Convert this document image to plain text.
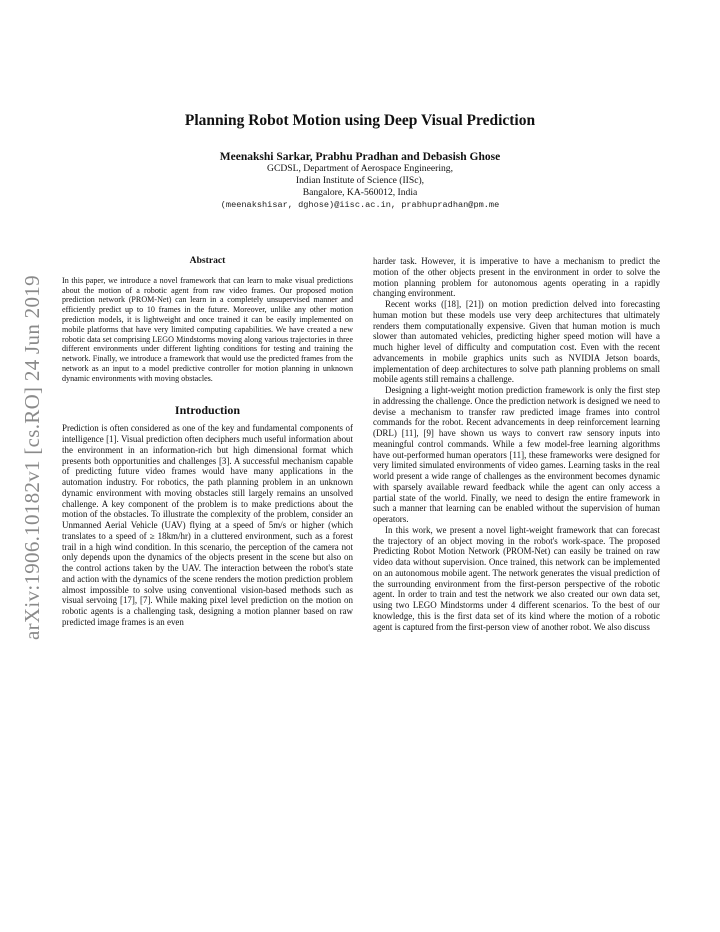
arXiv:1906.10182v1 [cs.RO] 24 Jun 2019
Planning Robot Motion using Deep Visual Prediction
Meenakshi Sarkar, Prabhu Pradhan and Debasish Ghose
GCDSL, Department of Aerospace Engineering,
Indian Institute of Science (IISc),
Bangalore, KA-560012, India
(meenakshisar, dghose)@iisc.ac.in, prabhupradhan@pm.me
Abstract

In this paper, we introduce a novel framework that can learn to make visual predictions about the motion of a robotic agent from raw video frames. Our proposed motion prediction network (PROM-Net) can learn in a completely unsupervised manner and efficiently predict up to 10 frames in the future. Moreover, unlike any other motion prediction models, it is lightweight and once trained it can be easily implemented on mobile platforms that have very limited computing capabilities. We have created a new robotic data set comprising LEGO Mindstorms moving along various trajectories in three different environments under different lighting conditions for testing and training the network. Finally, we introduce a framework that would use the predicted frames from the network as an input to a model predictive controller for motion planning in unknown dynamic environments with moving obstacles.

Introduction

Prediction is often considered as one of the key and fundamental components of intelligence [1]. Visual prediction often deciphers much useful information about the environment in an information-rich but high dimensional format which presents both opportunities and challenges [3]. A successful mechanism capable of predicting future video frames would have many applications in the automation industry. For robotics, the path planning problem in an unknown dynamic environment with moving obstacles still largely remains an unsolved challenge. A key component of the problem is to make predictions about the motion of the obstacles. To illustrate the complexity of the problem, consider an Unmanned Aerial Vehicle (UAV) flying at a speed of 5m/s or higher (which translates to a speed of ≥ 18km/hr) in a cluttered environment, such as a forest trail in a high wind condition. In this scenario, the perception of the camera not only depends upon the dynamics of the objects present in the scene but also on the control actions taken by the UAV. The interaction between the robot's state and action with the dynamics of the scene renders the motion prediction problem almost impossible to solve using conventional vision-based methods such as visual servoing [17], [7]. While making pixel level prediction on the motion on robotic agents is a challenging task, designing a motion planner based on raw predicted image frames is an even

harder task. However, it is imperative to have a mechanism to predict the motion of the other objects present in the environment in order to solve the motion planning problem for autonomous agents operating in a rapidly changing environment.

Recent works ([18], [21]) on motion prediction delved into forecasting human motion but these models use very deep architectures that ultimately renders them computationally expensive. Given that human motion is much slower than automated vehicles, predicting higher speed motion will have a much higher level of difficulty and computation cost. Even with the recent advancements in mobile graphics units such as NVIDIA Jetson boards, implementation of deep architectures to solve path planning problems on small mobile agents still remains a challenge.

Designing a light-weight motion prediction framework is only the first step in addressing the challenge. Once the prediction network is designed we need to devise a mechanism to transfer raw predicted image frames into control commands for the robot. Recent advancements in deep reinforcement learning (DRL) [11], [9] have shown us ways to convert raw sensory inputs into meaningful control commands. While a few model-free learning algorithms have out-performed human operators [11], these frameworks were designed for very limited simulated environments of video games. Learning tasks in the real world present a wide range of challenges as the environment becomes dynamic with sparsely available reward feedback while the agent can only access a partial state of the world. Finally, we need to design the entire framework in such a manner that learning can be enabled without the supervision of human operators.

In this work, we present a novel light-weight framework that can forecast the trajectory of an object moving in the robot's work-space. The proposed Predicting Robot Motion Network (PROM-Net) can easily be trained on raw video data without supervision. Once trained, this network can be implemented on an autonomous mobile agent. The network generates the visual prediction of the surrounding environment from the first-person perspective of the robotic agent. In order to train and test the network we also created our own data set, using two LEGO Mindstorms under 4 different scenarios. To the best of our knowledge, this is the first data set of its kind where the motion of a robotic agent is captured from the first-person view of another robot. We also discuss
